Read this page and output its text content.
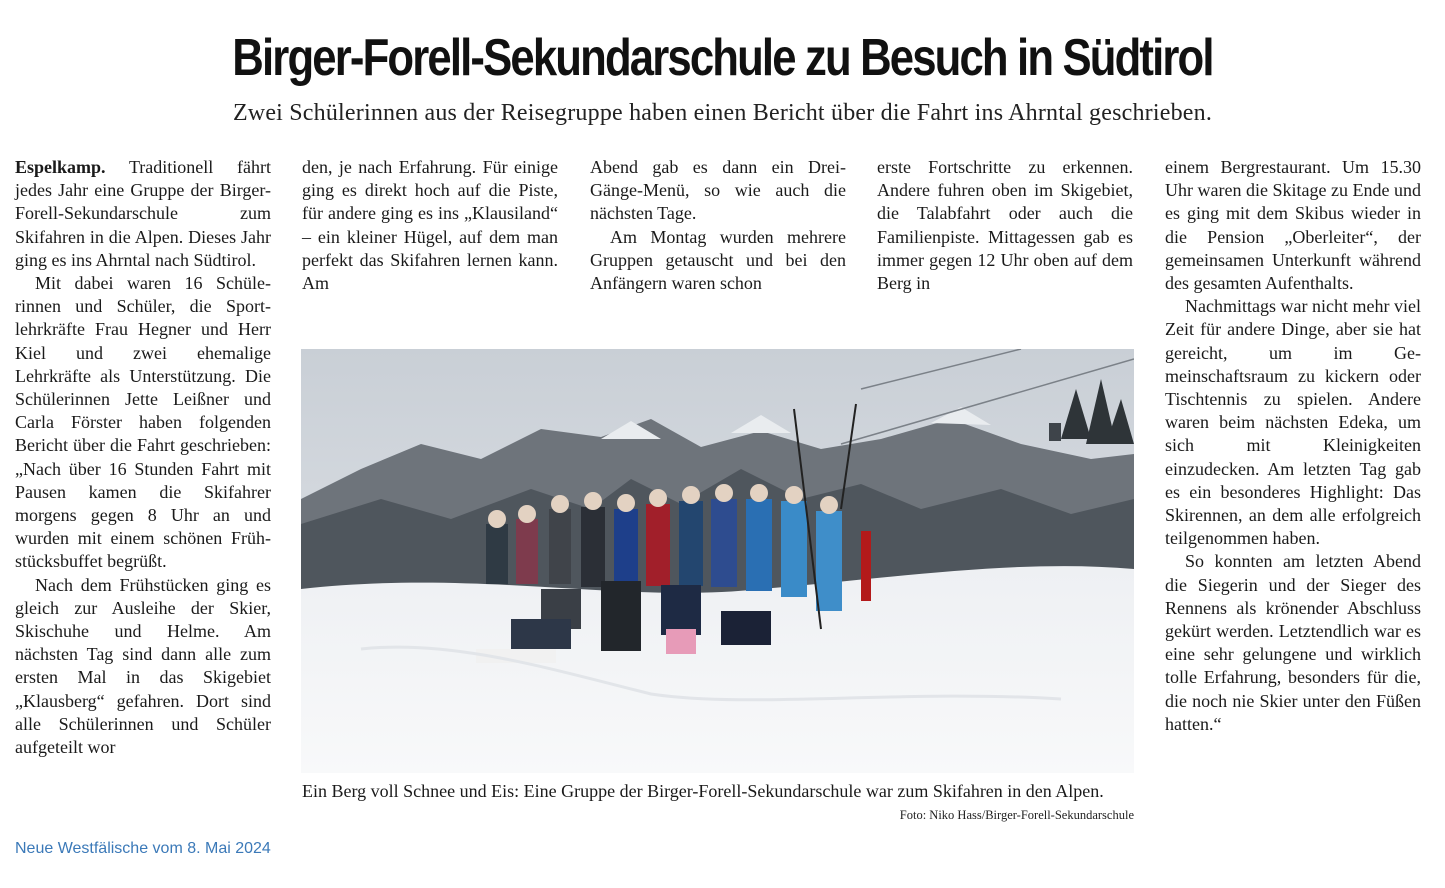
Birger-Forell-Sekundarschule zu Besuch in Südtirol
Zwei Schülerinnen aus der Reisegruppe haben einen Bericht über die Fahrt ins Ahrntal geschrieben.

Espelkamp. Traditionell fährt jedes Jahr eine Gruppe der Birger-Forell-Sekundarschule zum Skifahren in die Alpen. Dieses Jahr ging es ins Ahrntal nach Südtirol.

Mit dabei waren 16 Schülerinnen und Schüler, die Sportlehrkräfte Frau Hegner und Herr Kiel und zwei ehemalige Lehrkräfte als Unterstützung. Die Schülerinnen Jette Leißner und Carla Förster haben folgenden Bericht über die Fahrt geschrieben: „Nach über 16 Stunden Fahrt mit Pausen kamen die Skifahrer morgens gegen 8 Uhr an und wurden mit einem schönen Frühstücksbuffet begrüßt.

Nach dem Frühstücken ging es gleich zur Ausleihe der Skier, Skischuhe und Helme. Am nächsten Tag sind dann alle zum ersten Mal in das Skigebiet „Klausberg“ gefahren. Dort sind alle Schülerinnen und Schüler aufgeteilt wor

den, je nach Erfahrung. Für einige ging es direkt hoch auf die Piste, für andere ging es ins „Klausiland“ – ein kleiner Hügel, auf dem man perfekt das Skifahren lernen kann. Am

Abend gab es dann ein Drei-Gänge-Menü, so wie auch die nächsten Tage.

Am Montag wurden mehrere Gruppen getauscht und bei den Anfängern waren schon

erste Fortschritte zu erkennen. Andere fuhren oben im Skigebiet, die Talabfahrt oder auch die Familienpiste. Mittagessen gab es immer gegen 12 Uhr oben auf dem Berg in

einem Bergrestaurant. Um 15.30 Uhr waren die Skitage zu Ende und es ging mit dem Skibus wieder in die Pension „Oberleiter“, der gemeinsamen Unterkunft während des gesamten Aufenthalts.

Nachmittags war nicht mehr viel Zeit für andere Dinge, aber sie hat gereicht, um im Gemeinschaftsraum zu kickern oder Tischtennis zu spielen. Andere waren beim nächsten Edeka, um sich mit Kleinigkeiten einzudecken. Am letzten Tag gab es ein besonderes Highlight: Das Skirennen, an dem alle erfolgreich teilgenommen haben.

So konnten am letzten Abend die Siegerin und der Sieger des Rennens als krönender Abschluss gekürt werden. Letztendlich war es eine sehr gelungene und wirklich tolle Erfahrung, besonders für die, die noch nie Skier unter den Füßen hatten.“

Ein Berg voll Schnee und Eis: Eine Gruppe der Birger-Forell-Sekundarschule war zum Skifahren in den Alpen.
Foto: Niko Hass/Birger-Forell-Sekundarschule
Neue Westfälische vom 8. Mai 2024
